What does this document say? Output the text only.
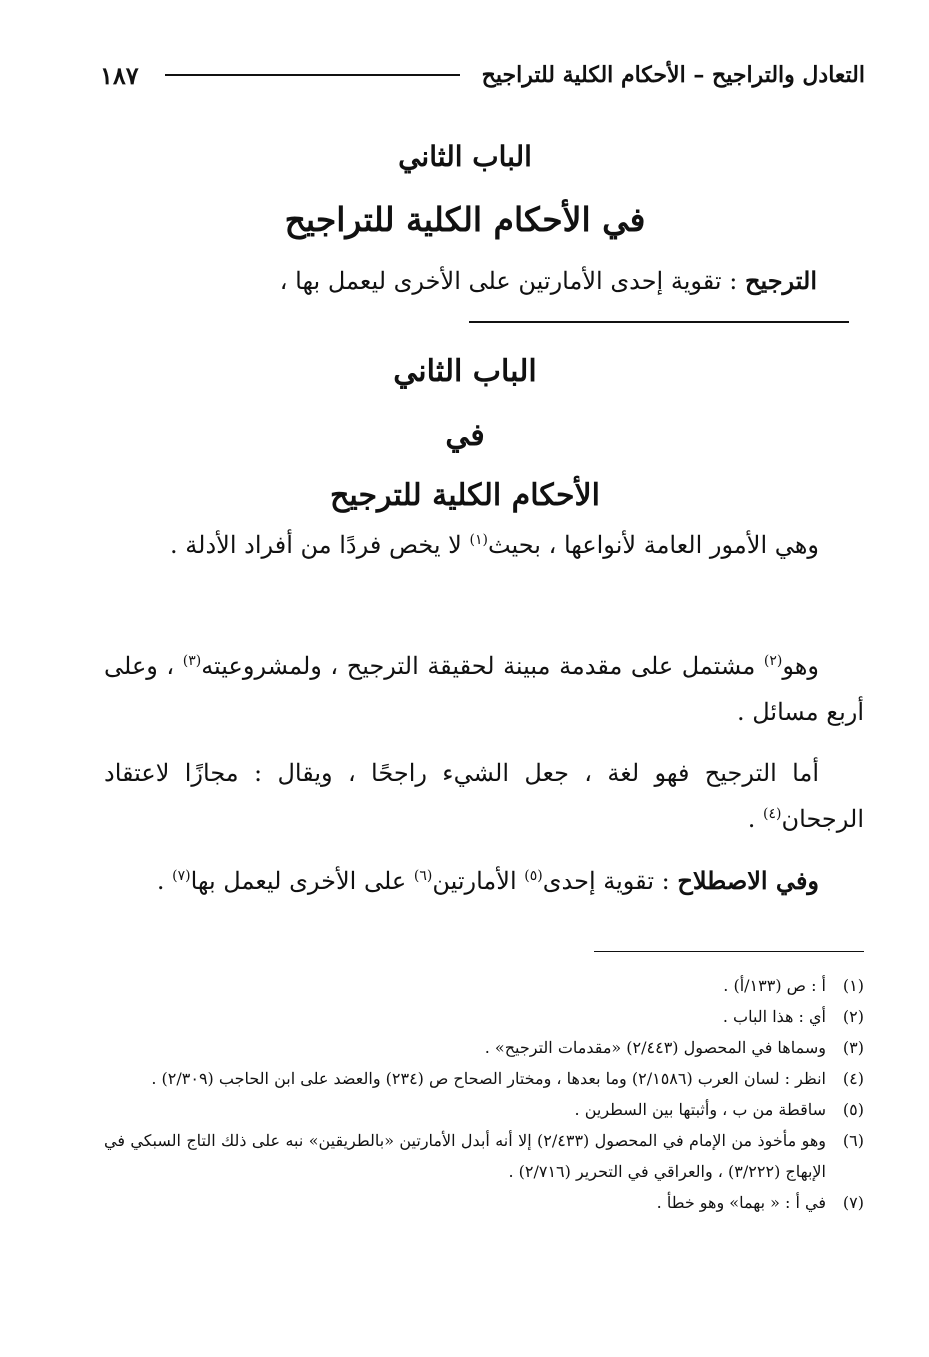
التعادل والتراجيح – الأحكام الكلية للتراجيح
١٨٧
الباب الثاني
في الأحكام الكلية للتراجيح
الترجيح : تقوية إحدى الأمارتين على الأخرى ليعمل بها ،
الباب الثاني
في
الأحكام الكلية للترجيح

وهي الأمور العامة لأنواعها ، بحيث$^{(١)}$ لا يخص فردًا من أفراد الأدلة .

وهو$^{(٢)}$ مشتمل على مقدمة مبينة لحقيقة الترجيح ، ولمشروعيته$^{(٣)}$ ، وعلى أربع مسائل .

أما الترجيح فهو لغة ، جعل الشيء راجحًا ، ويقال : مجازًا لاعتقاد الرجحان$^{(٤)}$ .

وفي الاصطلاح : تقوية إحدى$^{(٥)}$ الأمارتين$^{(٦)}$ على الأخرى ليعمل بها$^{(٧)}$ .

(١)
أ : ص (١٣٣/أ) .
(٢)
أي : هذا الباب .
(٣)
وسماها في المحصول (٢/٤٤٣) «مقدمات الترجيح» .
(٤)
انظر : لسان العرب (٢/١٥٨٦) وما بعدها ، ومختار الصحاح ص (٢٣٤) والعضد على ابن الحاجب (٢/٣٠٩) .
(٥)
ساقطة من ب ، وأثبتها بين السطرين .
(٦)
وهو مأخوذ من الإمام في المحصول (٢/٤٣٣) إلا أنه أبدل الأمارتين «بالطريقين» نبه على ذلك التاج السبكي في الإبهاج (٣/٢٢٢) ، والعراقي في التحرير (٢/٧١٦) .
(٧)
في أ : « بهما» وهو خطأ .
